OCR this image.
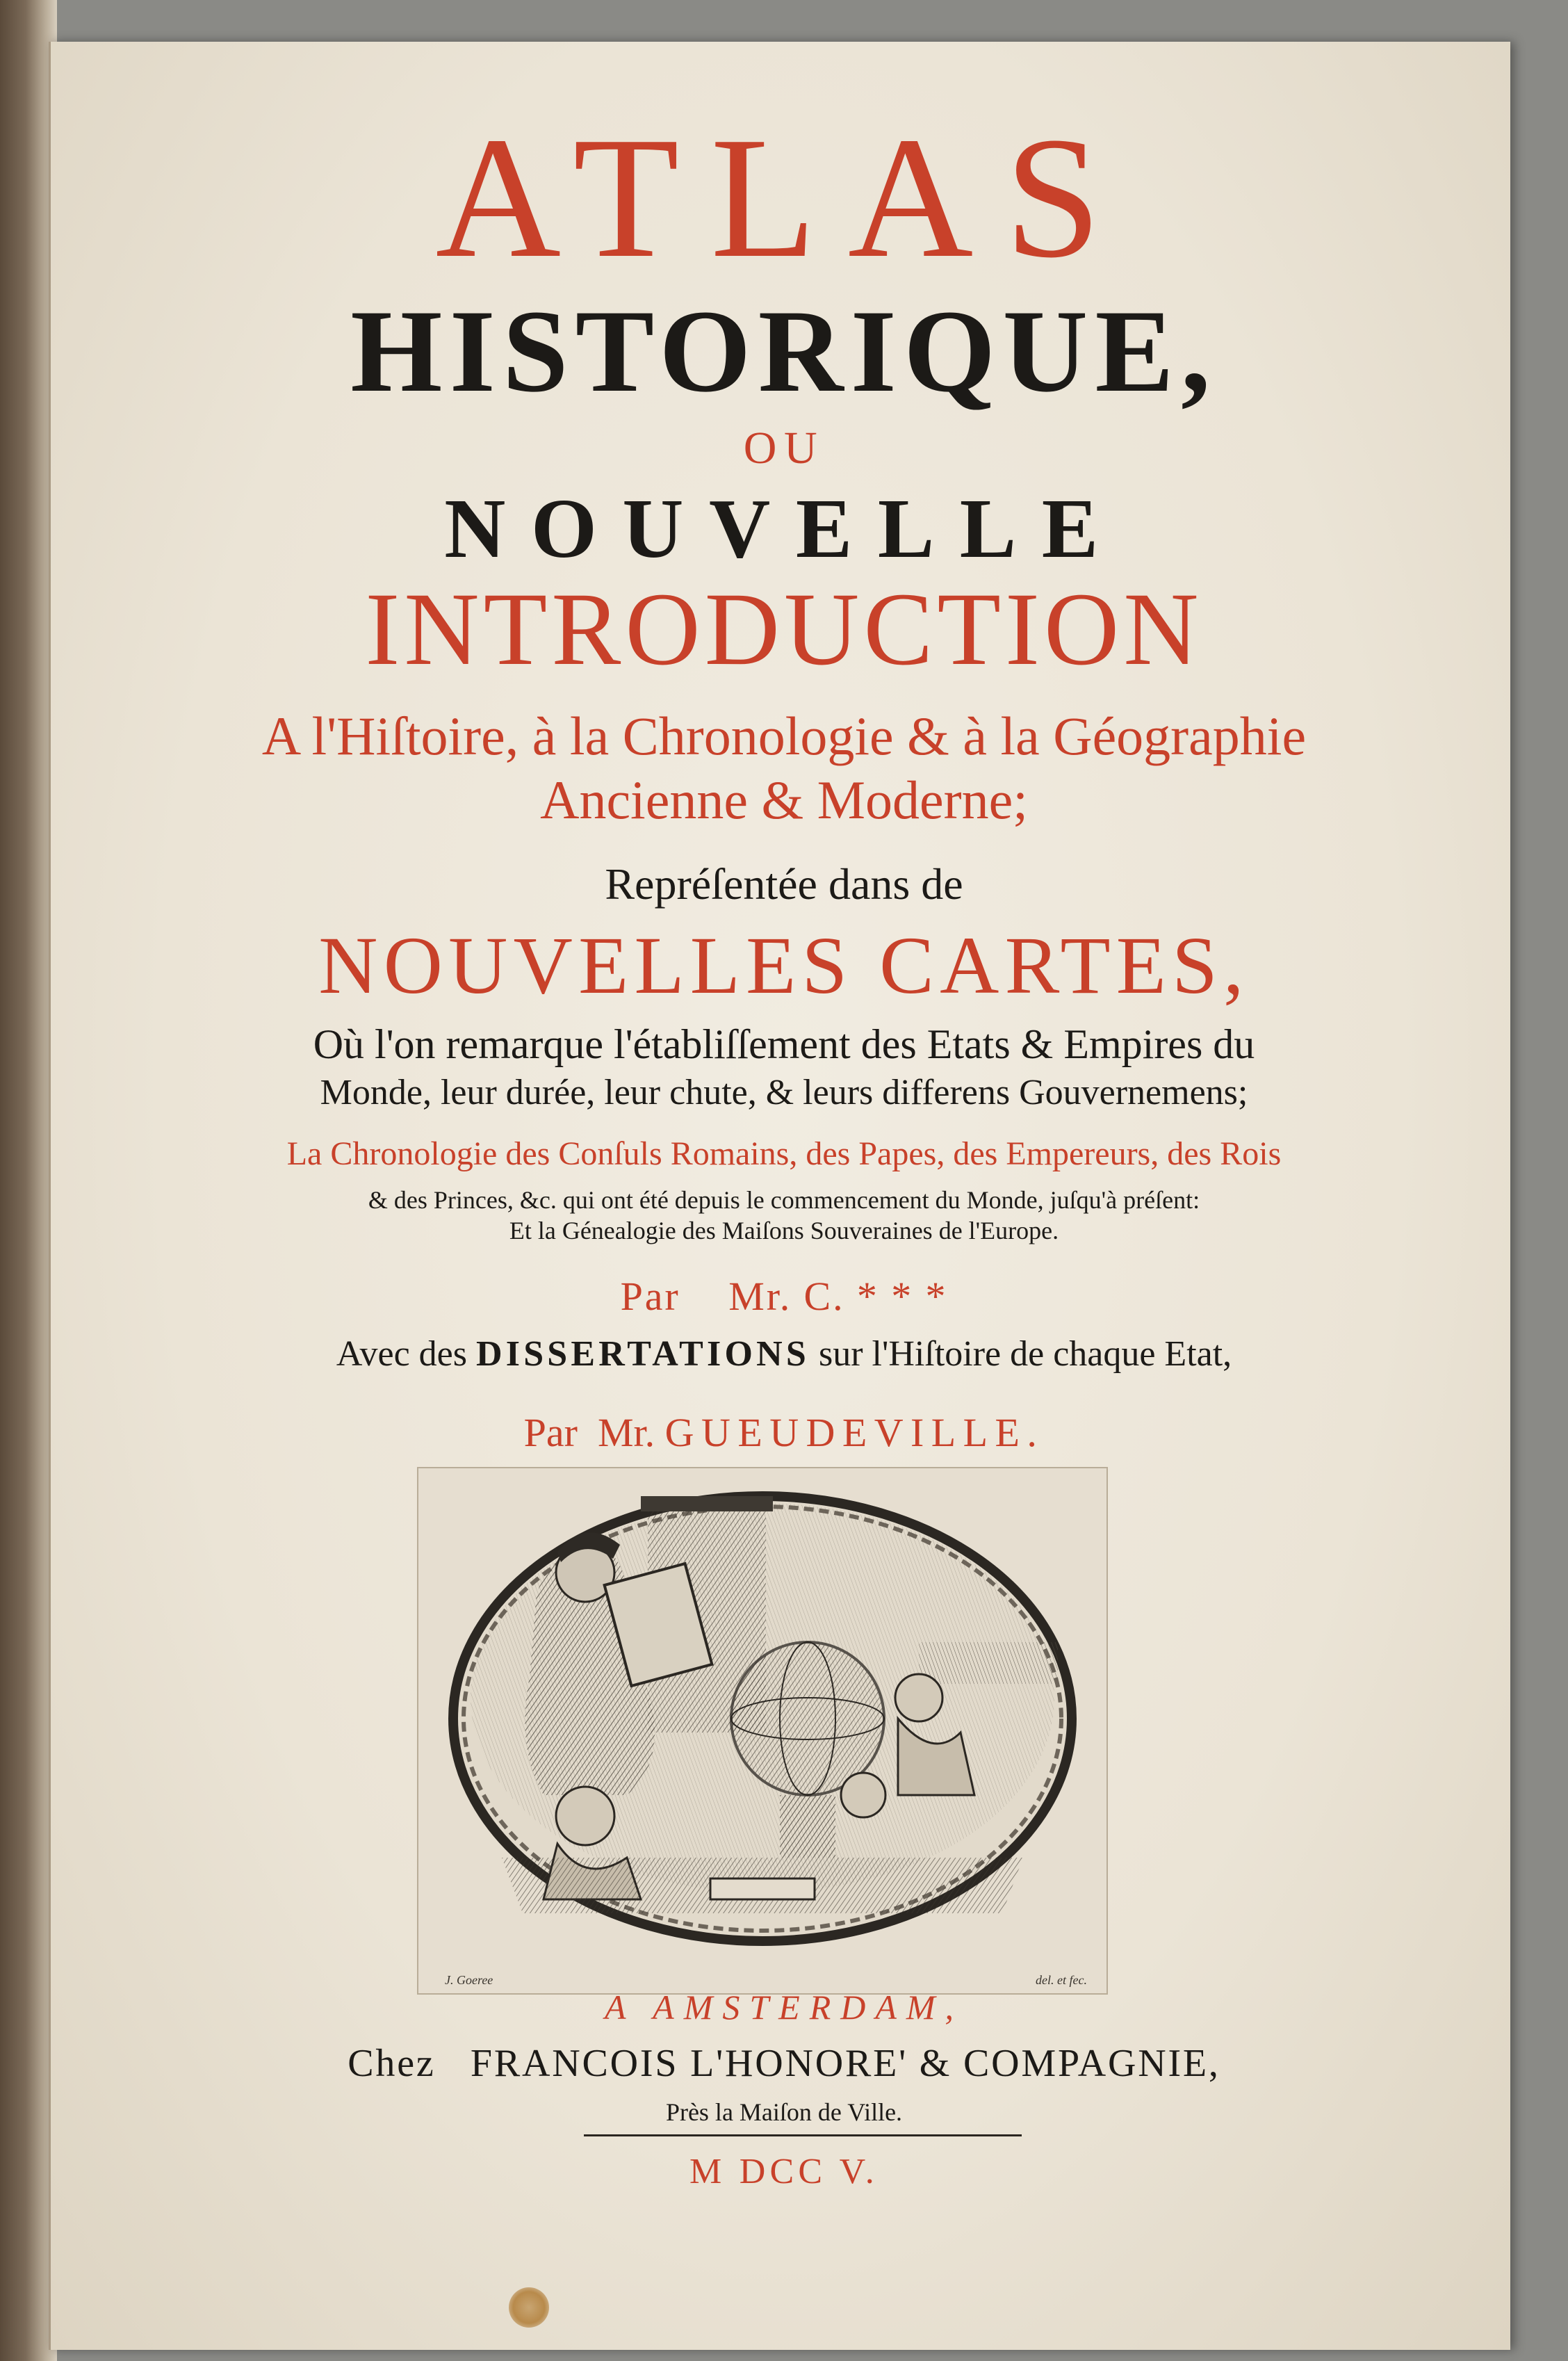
ATLAS

HISTORIQUE,

OU

NOUVELLE

INTRODUCTION

A l'Hiſtoire, à la Chronologie & à la Géographie

Ancienne & Moderne;

Repréſentée dans de

NOUVELLES CARTES,

Où l'on remarque l'établiſſement des Etats & Empires du

Monde, leur durée, leur chute, & leurs differens Gouvernemens;

La Chronologie des Conſuls Romains, des Papes, des Empereurs, des Rois

& des Princes, &c. qui ont été depuis le commencement du Monde, juſqu'à préſent:

Et la Génealogie des Maiſons Souveraines de l'Europe.

Par Mr. C. * * *

Avec des DISSERTATIONS sur l'Hiſtoire de chaque Etat,

Par Mr. GUEUDEVILLE.

J. Goeree	del. et fec.

A AMSTERDAM,

Chez FRANCOIS L'HONORE' & COMPAGNIE,

Près la Maiſon de Ville.

M DCC V.
